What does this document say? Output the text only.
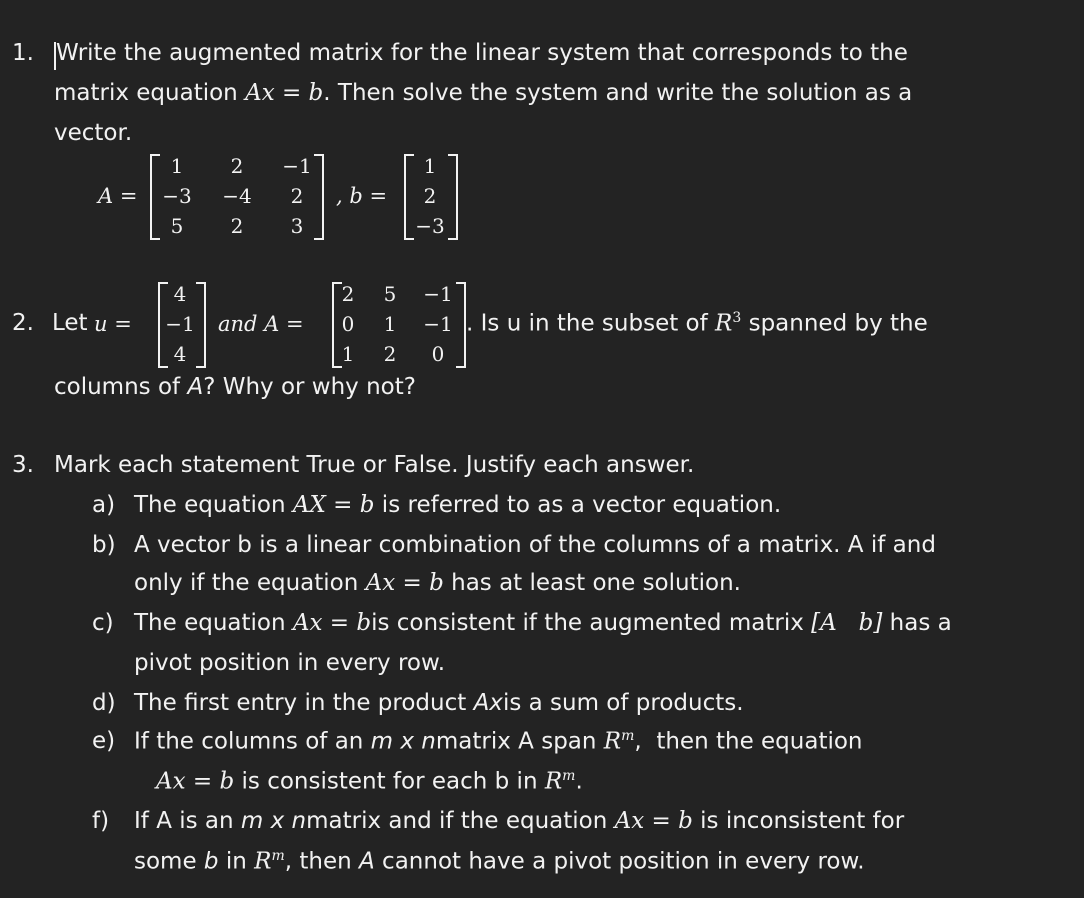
1. Write the augmented matrix for the linear system that corresponds to the
matrix equation Ax = b. Then solve the system and write the solution as a
vector.
A =
1	2	−1
−3 −4	2
5	2	3
, b =
1
2
−3
2. Let u =
4
−1
4
and A =
2 5 −1
0 1 −1
1 2	0
. Is u in the subset of $R^3$ spanned by the
columns of A? Why or why not?
3. Mark each statement True or False. Justify each answer.
a) The equation AX = b is referred to as a vector equation.
b) A vector b is a linear combination of the columns of a matrix. A if and
only if the equation Ax = b has at least one solution.
c) The equation Ax = bis consistent if the augmented matrix [A   b] has a
pivot position in every row.
d) The first entry in the product Axis a sum of products.
e) If the columns of an m x nmatrix A span $R^m$,  then the equation
Ax = b is consistent for each b in $R^m$.
f) If A is an m x nmatrix and if the equation Ax = b is inconsistent for
some b in $R^m$, then A cannot have a pivot position in every row.
